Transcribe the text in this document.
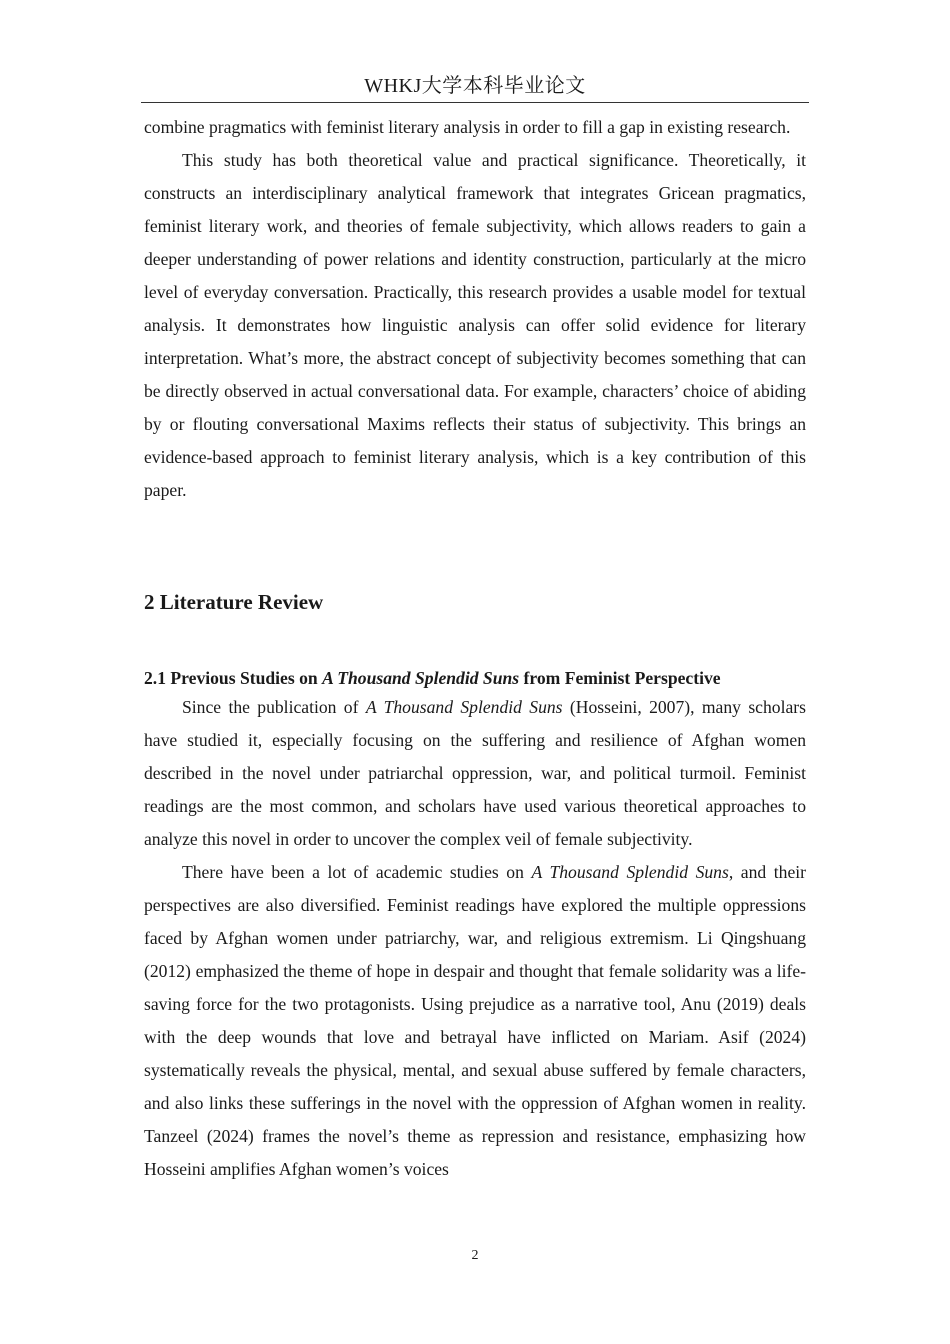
WHKJ大学本科毕业论文

combine pragmatics with feminist literary analysis in order to fill a gap in existing research.

This study has both theoretical value and practical significance. Theoretically, it constructs an interdisciplinary analytical framework that integrates Gricean pragmatics, feminist literary work, and theories of female subjectivity, which allows readers to gain a deeper understanding of power relations and identity construction, particularly at the micro level of everyday conversation. Practically, this research provides a usable model for textual analysis. It demonstrates how linguistic analysis can offer solid evidence for literary interpretation. What’s more, the abstract concept of subjectivity becomes something that can be directly observed in actual conversational data. For example, characters’ choice of abiding by or flouting conversational Maxims reflects their status of subjectivity. This brings an evidence-based approach to feminist literary analysis, which is a key contribution of this paper.

2 Literature Review
2.1 Previous Studies on A Thousand Splendid Suns from Feminist Perspective

Since the publication of A Thousand Splendid Suns (Hosseini, 2007), many scholars have studied it, especially focusing on the suffering and resilience of Afghan women described in the novel under patriarchal oppression, war, and political turmoil. Feminist readings are the most common, and scholars have used various theoretical approaches to analyze this novel in order to uncover the complex veil of female subjectivity.

There have been a lot of academic studies on A Thousand Splendid Suns, and their perspectives are also diversified. Feminist readings have explored the multiple oppressions faced by Afghan women under patriarchy, war, and religious extremism. Li Qingshuang (2012) emphasized the theme of hope in despair and thought that female solidarity was a life-saving force for the two protagonists. Using prejudice as a narrative tool, Anu (2019) deals with the deep wounds that love and betrayal have inflicted on Mariam. Asif (2024) systematically reveals the physical, mental, and sexual abuse suffered by female characters, and also links these sufferings in the novel with the oppression of Afghan women in reality. Tanzeel (2024) frames the novel’s theme as repression and resistance, emphasizing how Hosseini amplifies Afghan women’s voices

2
